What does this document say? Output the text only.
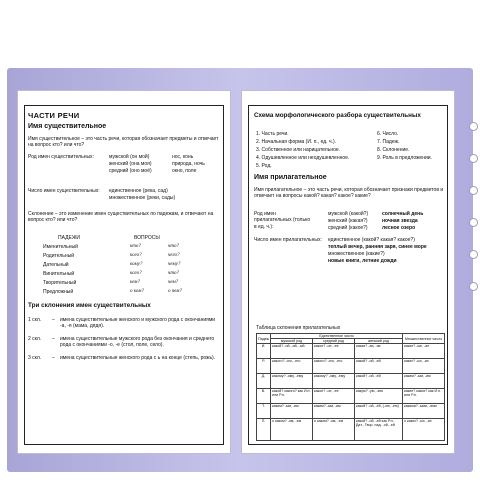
ЧАСТИ РЕЧИ
Имя существительное
Имя существительное – это часть речи, которая обозначает предметы и отвечает на вопрос кто? или что?
Род имен существительных:	мужской (он мой)	нос, конь
женский (она моя)	природа, ночь
средний (оно моё)	окно, поле
Число имен существительных: единственное (река, сад)
множественное (реки, сады)
Склонение – это изменение имен существительных по падежам, и отвечают на вопрос кто? или что?
ПАДЕЖИ	ВОПРОСЫ
Именительный	кто?	что?
Родительный	кого?	чего?
Дательный	кому?	чему?
Винительный	кого?	что?
Творительный	кем?	чем?
Предложный	о ком?	о чем?
Три склонения имен существительных
1 скл. – имена существительные женского и мужского рода с окончаниями -а, -я (мама, дядя).
2 скл. – имена существительные мужского рода без окончания и среднего рода с окончаниями -о, -е (стол, поле, село).
3 скл. – имена существительные женского рода с ь на конце (степь, рожь).
Схема морфологического разбора существительных
1. Часть речи.
2. Начальная форма (И. п., ед. ч.).
3. Собственное или нарицательное.
4. Одушевленное или неодушевленное.
5. Род.
6. Число.
7. Падеж.
8. Склонение.
9. Роль в предложении.
Имя прилагательное
Имя прилагательное – это часть речи, которая обозначает признаки предметов и отвечает на вопросы какой? какая? какое? какие?
Род имен прилагательных (только в ед. ч.):
мужской (какой?)	солнечный день
женский (какая?)	ночная звезда
средний (какое?)	лесное озеро
Число имен прилагательных: единственное (какой? какая? какое?)
теплый вечер, ранняя заря, синее море
множественное (какие?)
новые книги, летние дожди
Таблица склонения прилагательных
Падеж	Единственное число			Множественное число
	мужской род	средний род	женский род	
И.	какой? -ой, -ий, -ый	какое? -ое, -ее	какая? -ая, -яя	какие? -ые, -ие
Р.	какого? -ого, -его	какого? -ого, -его	какой? -ой, -ей	каких? -ых, -их
Д.	какому? -ому, -ему	какому? -ому, -ему	какой? -ой, -ей	каким? -ым, -им
В.	какой? какого? как И.п. или Р.п.	какое? -ое, -ее	какую? -ую, -юю	какие? каких? как И.п. или Р.п.
Т.	каким? -ым, -им	каким? -ым, -им	какой? -ой, -ей, (-ою, -ею)	какими? -ыми, -ими
П.	о каком? -ом, -ем	о каком? -ом, -ем	какой? -ой, -ей как Р.п., Дат., Твор. пад. -ой, -ей	о каких? -ых, -их
